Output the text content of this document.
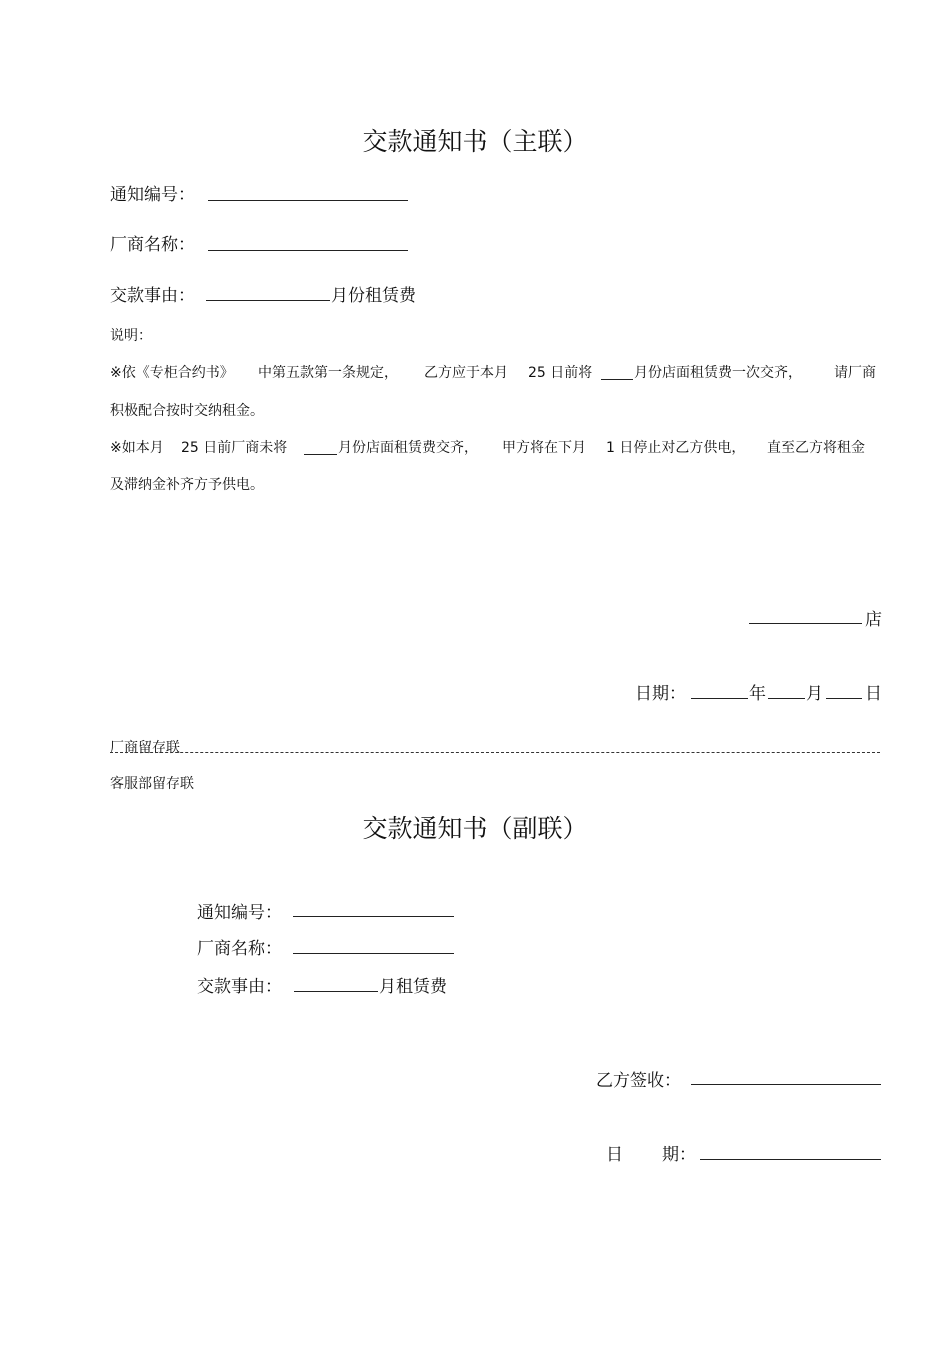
交款通知书（主联）
通知编号：
厂商名称：
交款事由：	月份租赁费
说明：
※依《专柜合约书》 中第五款第一条规定， 乙方应于本月 25 日前将	月份店面租赁费一次交齐， 请厂商
积极配合按时交纳租金。
※如本月 25 日前厂商未将	月份店面租赁费交齐， 甲方将在下月 1 日停止对乙方供电， 直至乙方将租金
及滞纳金补齐方予供电。
店
日期：	年 月 日
厂商留存联
客服部留存联
交款通知书（副联）
通知编号：
厂商名称：
交款事由：	月租赁费
乙方签收：
日 期：
